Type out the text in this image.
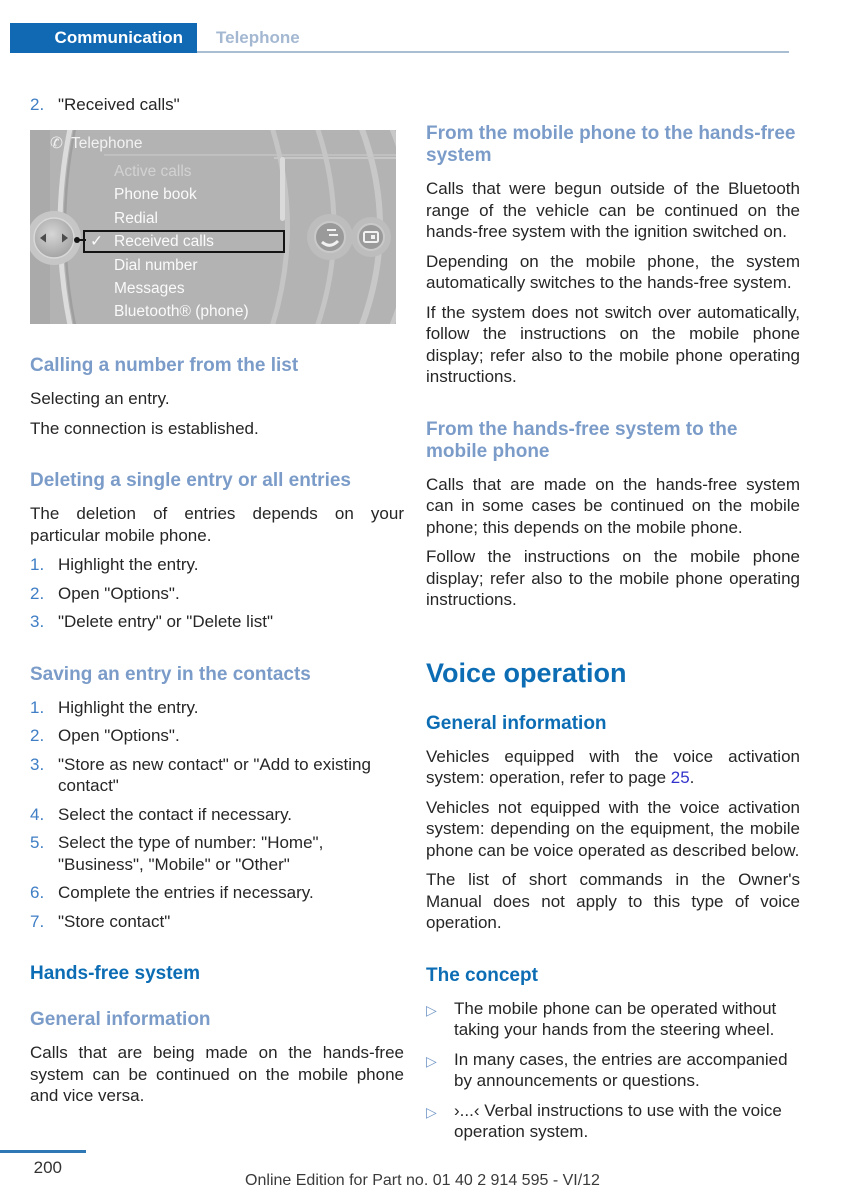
Communication Telephone
2. "Received calls"
✆ Telephone
Active calls
Phone book
Redial
✓ Received calls
Dial number
Messages
Bluetooth® (phone)
Calling a number from the list

Selecting an entry.

The connection is established.

Deleting a single entry or all entries

The deletion of entries depends on your particular mobile phone.

1. Highlight the entry.
2. Open "Options".
3. "Delete entry" or "Delete list"
Saving an entry in the contacts
1. Highlight the entry.
2. Open "Options".
3. "Store as new contact" or "Add to existing contact"
4. Select the contact if necessary.
5. Select the type of number: "Home", "Business", "Mobile" or "Other"
6. Complete the entries if necessary.
7. "Store contact"
Hands-free system
General information

Calls that are being made on the hands-free system can be continued on the mobile phone and vice versa.

From the mobile phone to the hands-free system

Calls that were begun outside of the Bluetooth range of the vehicle can be continued on the hands-free system with the ignition switched on.

Depending on the mobile phone, the system automatically switches to the hands-free system.

If the system does not switch over automatically, follow the instructions on the mobile phone display; refer also to the mobile phone operating instructions.

From the hands-free system to the mobile phone

Calls that are made on the hands-free system can in some cases be continued on the mobile phone; this depends on the mobile phone.

Follow the instructions on the mobile phone display; refer also to the mobile phone operating instructions.

Voice operation
General information

Vehicles equipped with the voice activation system: operation, refer to page 25.

Vehicles not equipped with the voice activation system: depending on the equipment, the mobile phone can be voice operated as described below.

The list of short commands in the Owner's Manual does not apply to this type of voice operation.

The concept
▷	The mobile phone can be operated without taking your hands from the steering wheel.
▷	In many cases, the entries are accompanied by announcements or questions.
▷	›...‹ Verbal instructions to use with the voice operation system.
200
Online Edition for Part no. 01 40 2 914 595 - VI/12
